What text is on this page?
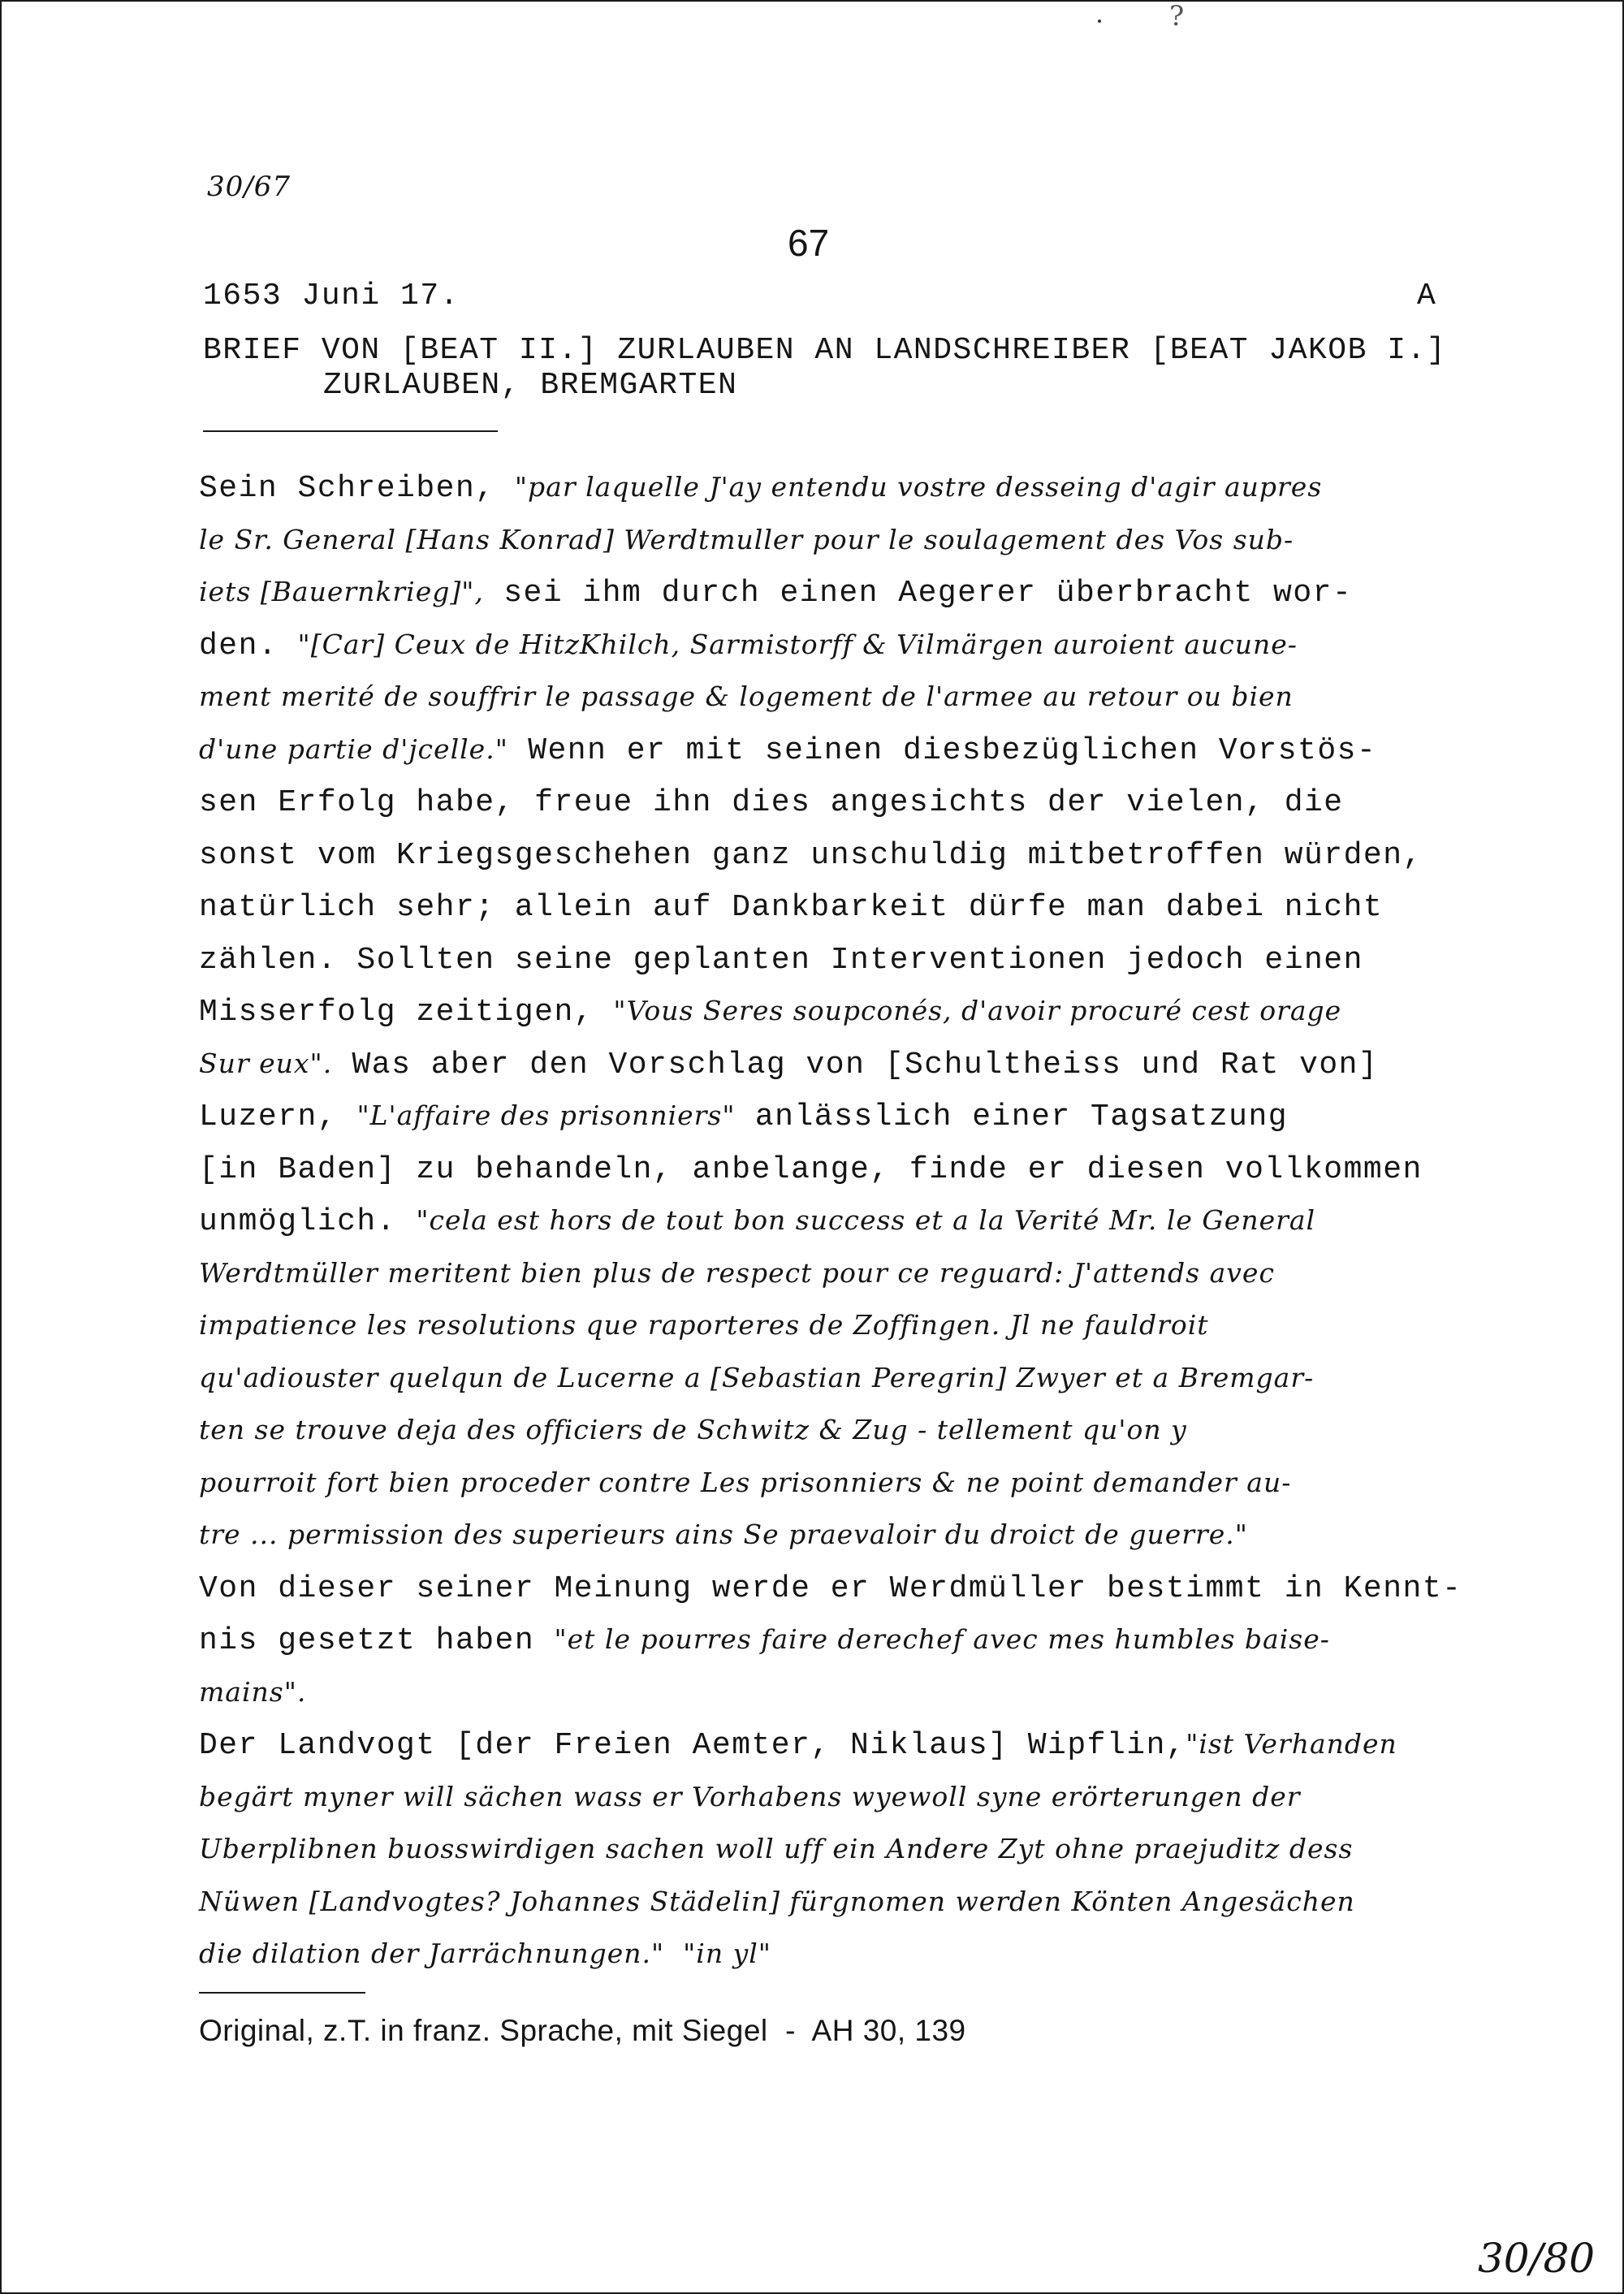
?
30/67
67
1653 Juni 17.	A
BRIEF VON [BEAT II.] ZURLAUBEN AN LANDSCHREIBER [BEAT JAKOB I.]
ZURLAUBEN, BREMGARTEN
Sein Schreiben, "par laquelle J'ay entendu vostre desseing d'agir aupres
le Sr. General [Hans Konrad] Werdtmuller pour le soulagement des Vos sub-
iets [Bauernkrieg]", sei ihm durch einen Aegerer überbracht wor-
den. "[Car] Ceux de HitzKhilch, Sarmistorff & Vilmärgen auroient aucune-
ment merité de souffrir le passage & logement de l'armee au retour ou bien
d'une partie d'jcelle." Wenn er mit seinen diesbezüglichen Vorstös-
sen Erfolg habe, freue ihn dies angesichts der vielen, die
sonst vom Kriegsgeschehen ganz unschuldig mitbetroffen würden,
natürlich sehr; allein auf Dankbarkeit dürfe man dabei nicht
zählen. Sollten seine geplanten Interventionen jedoch einen
Misserfolg zeitigen, "Vous Seres soupconés, d'avoir procuré cest orage
Sur eux". Was aber den Vorschlag von [Schultheiss und Rat von]
Luzern, "L'affaire des prisonniers" anlässlich einer Tagsatzung
[in Baden] zu behandeln, anbelange, finde er diesen vollkommen
unmöglich. "cela est hors de tout bon success et a la Verité Mr. le General
Werdtmüller meritent bien plus de respect pour ce reguard: J'attends avec
impatience les resolutions que raporteres de Zoffingen. Jl ne fauldroit
qu'adiouster quelqun de Lucerne a [Sebastian Peregrin] Zwyer et a Bremgar-
ten se trouve deja des officiers de Schwitz & Zug - tellement qu'on y
pourroit fort bien proceder contre Les prisonniers & ne point demander au-
tre ... permission des superieurs ains Se praevaloir du droict de guerre."
Von dieser seiner Meinung werde er Werdmüller bestimmt in Kennt-
nis gesetzt haben "et le pourres faire derechef avec mes humbles baise-
mains".
Der Landvogt [der Freien Aemter, Niklaus] Wipflin,"ist Verhanden
begärt myner will sächen wass er Vorhabens wyewoll syne erörterungen der
Uberplibnen buosswirdigen sachen woll uff ein Andere Zyt ohne praejuditz dess
Nüwen [Landvogtes? Johannes Städelin] fürgnomen werden Könten Angesächen
die dilation der Jarrächnungen."  "in yl"
Original, z.T. in franz. Sprache, mit Siegel  -  AH 30, 139
30/80
